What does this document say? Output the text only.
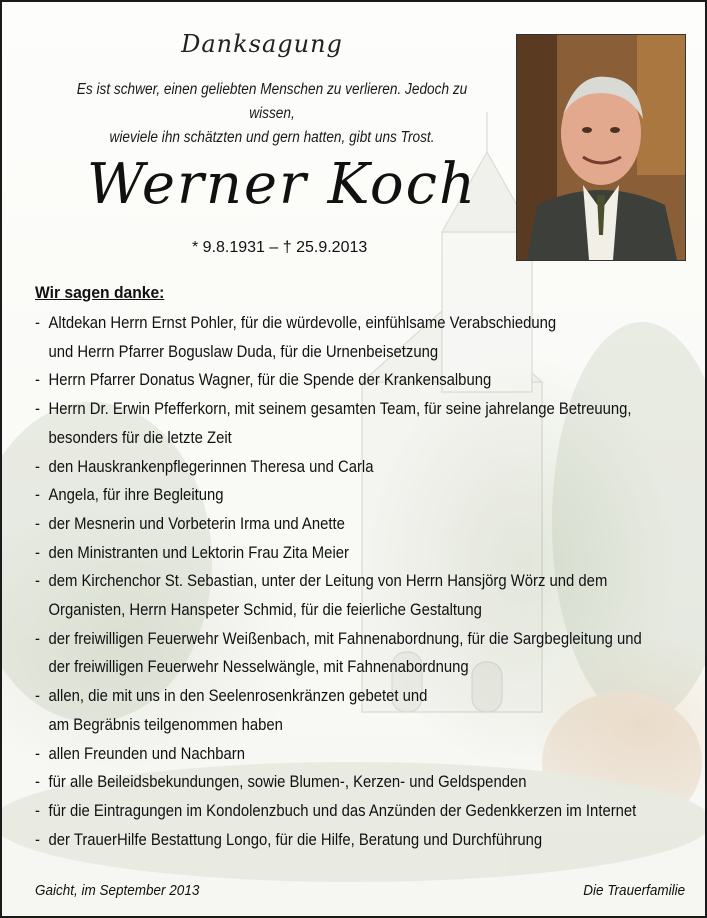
Danksagung
Es ist schwer, einen geliebten Menschen zu verlieren. Jedoch zu wissen,
wieviele ihn schätzten und gern hatten, gibt uns Trost.
Werner Koch
* 9.8.1931 – † 25.9.2013
Wir sagen danke:
- Altdekan Herrn Ernst Pohler, für die würdevolle, einfühlsame Verabschiedung
und Herrn Pfarrer Boguslaw Duda, für die Urnenbeisetzung
- Herrn Pfarrer Donatus Wagner, für die Spende der Krankensalbung
- Herrn Dr. Erwin Pfefferkorn, mit seinem gesamten Team, für seine jahrelange Betreuung,
besonders für die letzte Zeit
- den Hauskrankenpflegerinnen Theresa und Carla
- Angela, für ihre Begleitung
- der Mesnerin und Vorbeterin Irma und Anette
- den Ministranten und Lektorin Frau Zita Meier
- dem Kirchenchor St. Sebastian, unter der Leitung von Herrn Hansjörg Wörz und dem
Organisten, Herrn Hanspeter Schmid, für die feierliche Gestaltung
- der freiwilligen Feuerwehr Weißenbach, mit Fahnenabordnung, für die Sargbegleitung und
der freiwilligen Feuerwehr Nesselwängle, mit Fahnenabordnung
- allen, die mit uns in den Seelenrosenkränzen gebetet und
am Begräbnis teilgenommen haben
- allen Freunden und Nachbarn
- für alle Beileidsbekundungen, sowie Blumen-, Kerzen- und Geldspenden
- für die Eintragungen im Kondolenzbuch und das Anzünden der Gedenkkerzen im Internet
- der TrauerHilfe Bestattung Longo, für die Hilfe, Beratung und Durchführung
Gaicht, im September 2013	Die Trauerfamilie
